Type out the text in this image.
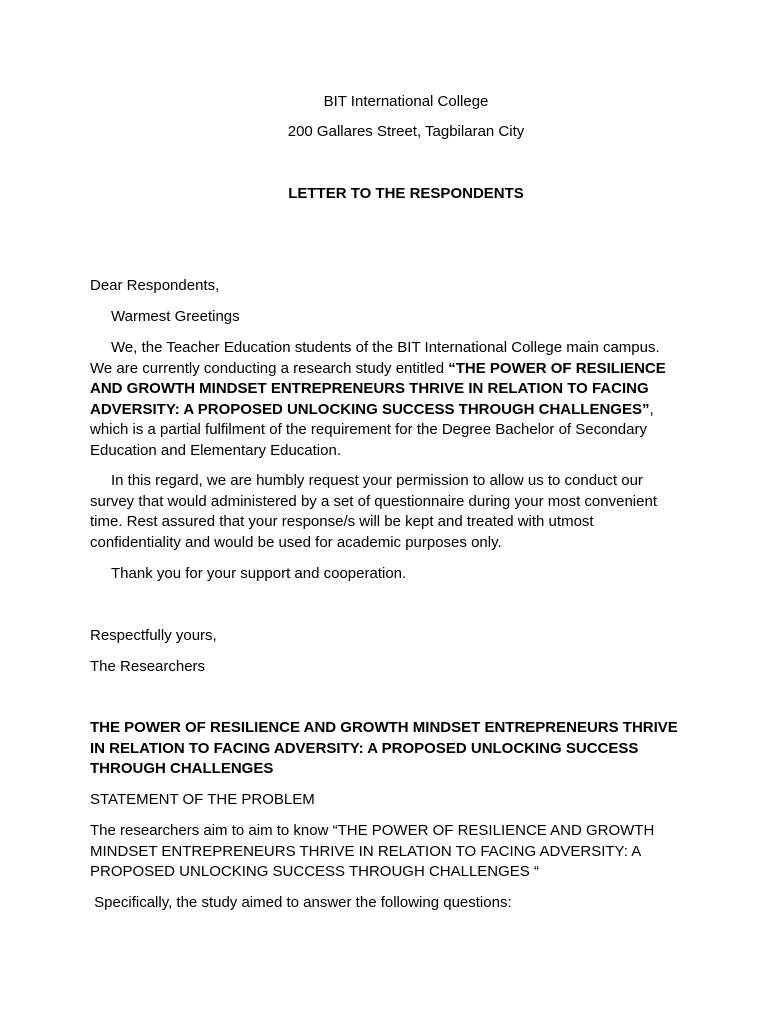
BIT International College

200 Gallares Street, Tagbilaran City

LETTER TO THE RESPONDENTS

Dear Respondents,

Warmest Greetings

We, the Teacher Education students of the BIT International College main campus. We are currently conducting a research study entitled “THE POWER OF RESILIENCE AND GROWTH MINDSET ENTREPRENEURS THRIVE IN RELATION TO FACING ADVERSITY: A PROPOSED UNLOCKING SUCCESS THROUGH CHALLENGES”, which is a partial fulfilment of the requirement for the Degree Bachelor of Secondary Education and Elementary Education.

In this regard, we are humbly request your permission to allow us to conduct our survey that would administered by a set of questionnaire during your most convenient time. Rest assured that your response/s will be kept and treated with utmost confidentiality and would be used for academic purposes only.

Thank you for your support and cooperation.

Respectfully yours,

The Researchers

THE POWER OF RESILIENCE AND GROWTH MINDSET ENTREPRENEURS THRIVE IN RELATION TO FACING ADVERSITY: A PROPOSED UNLOCKING SUCCESS THROUGH CHALLENGES

STATEMENT OF THE PROBLEM

The researchers aim to aim to know “THE POWER OF RESILIENCE AND GROWTH MINDSET ENTREPRENEURS THRIVE IN RELATION TO FACING ADVERSITY: A PROPOSED UNLOCKING SUCCESS THROUGH CHALLENGES “

Specifically, the study aimed to answer the following questions:
